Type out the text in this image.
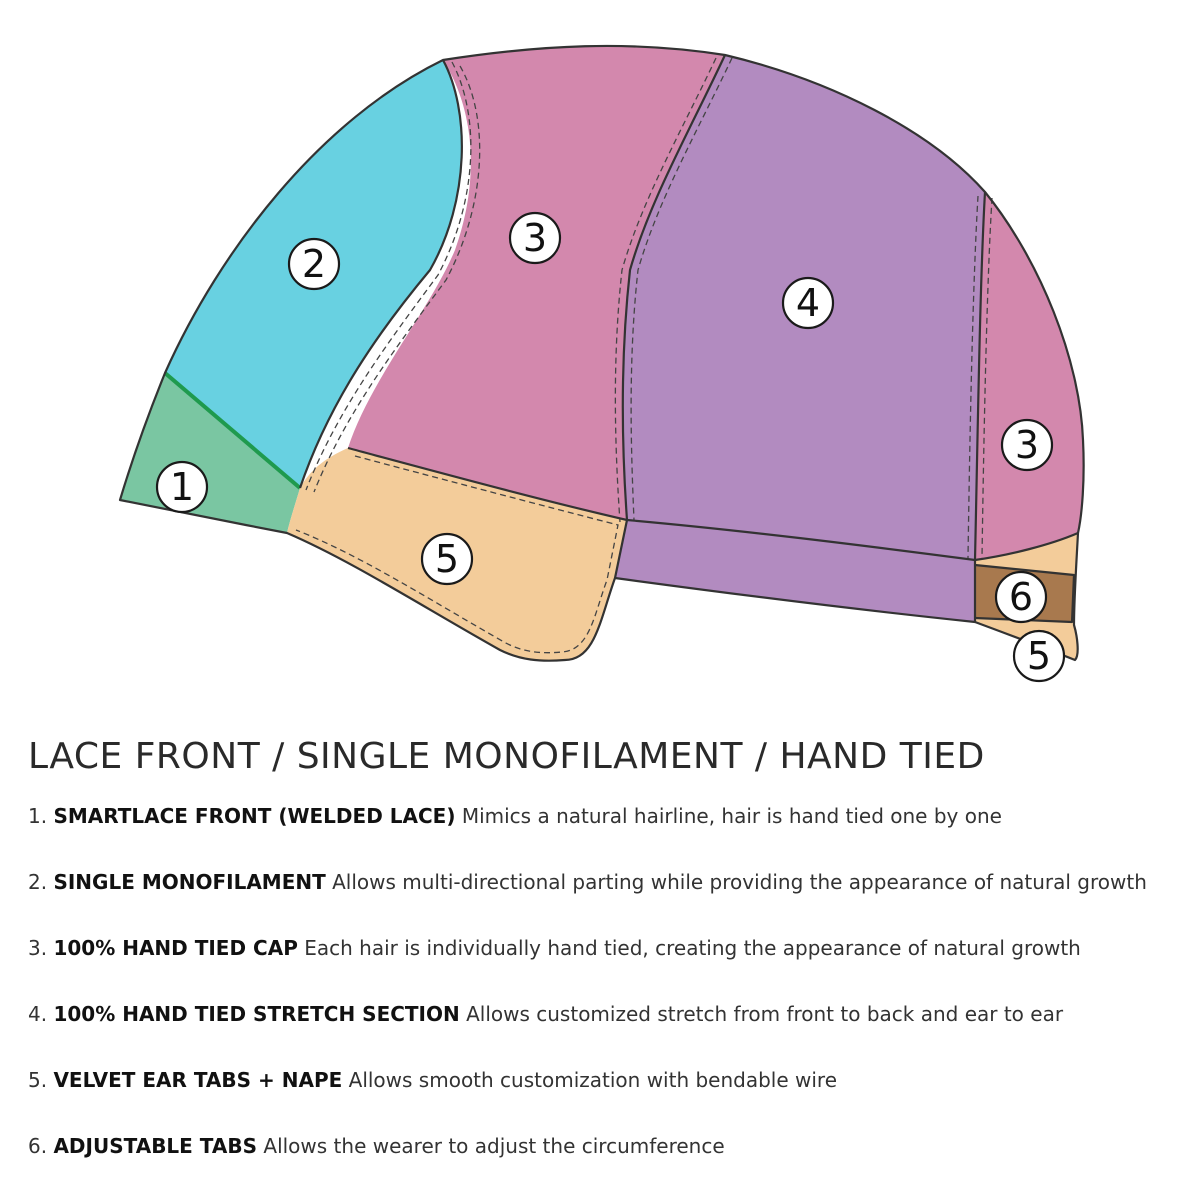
1
2
3
4
3
5
6
5
LACE FRONT / SINGLE MONOFILAMENT / HAND TIED
1. SMARTLACE FRONT (WELDED LACE) Mimics a natural hairline, hair is hand tied one by one
2. SINGLE MONOFILAMENT Allows multi-directional parting while providing the appearance of natural growth
3. 100% HAND TIED CAP Each hair is individually hand tied, creating the appearance of natural growth
4. 100% HAND TIED STRETCH SECTION Allows customized stretch from front to back and ear to ear
5. VELVET EAR TABS + NAPE Allows smooth customization with bendable wire
6. ADJUSTABLE TABS Allows the wearer to adjust the circumference
